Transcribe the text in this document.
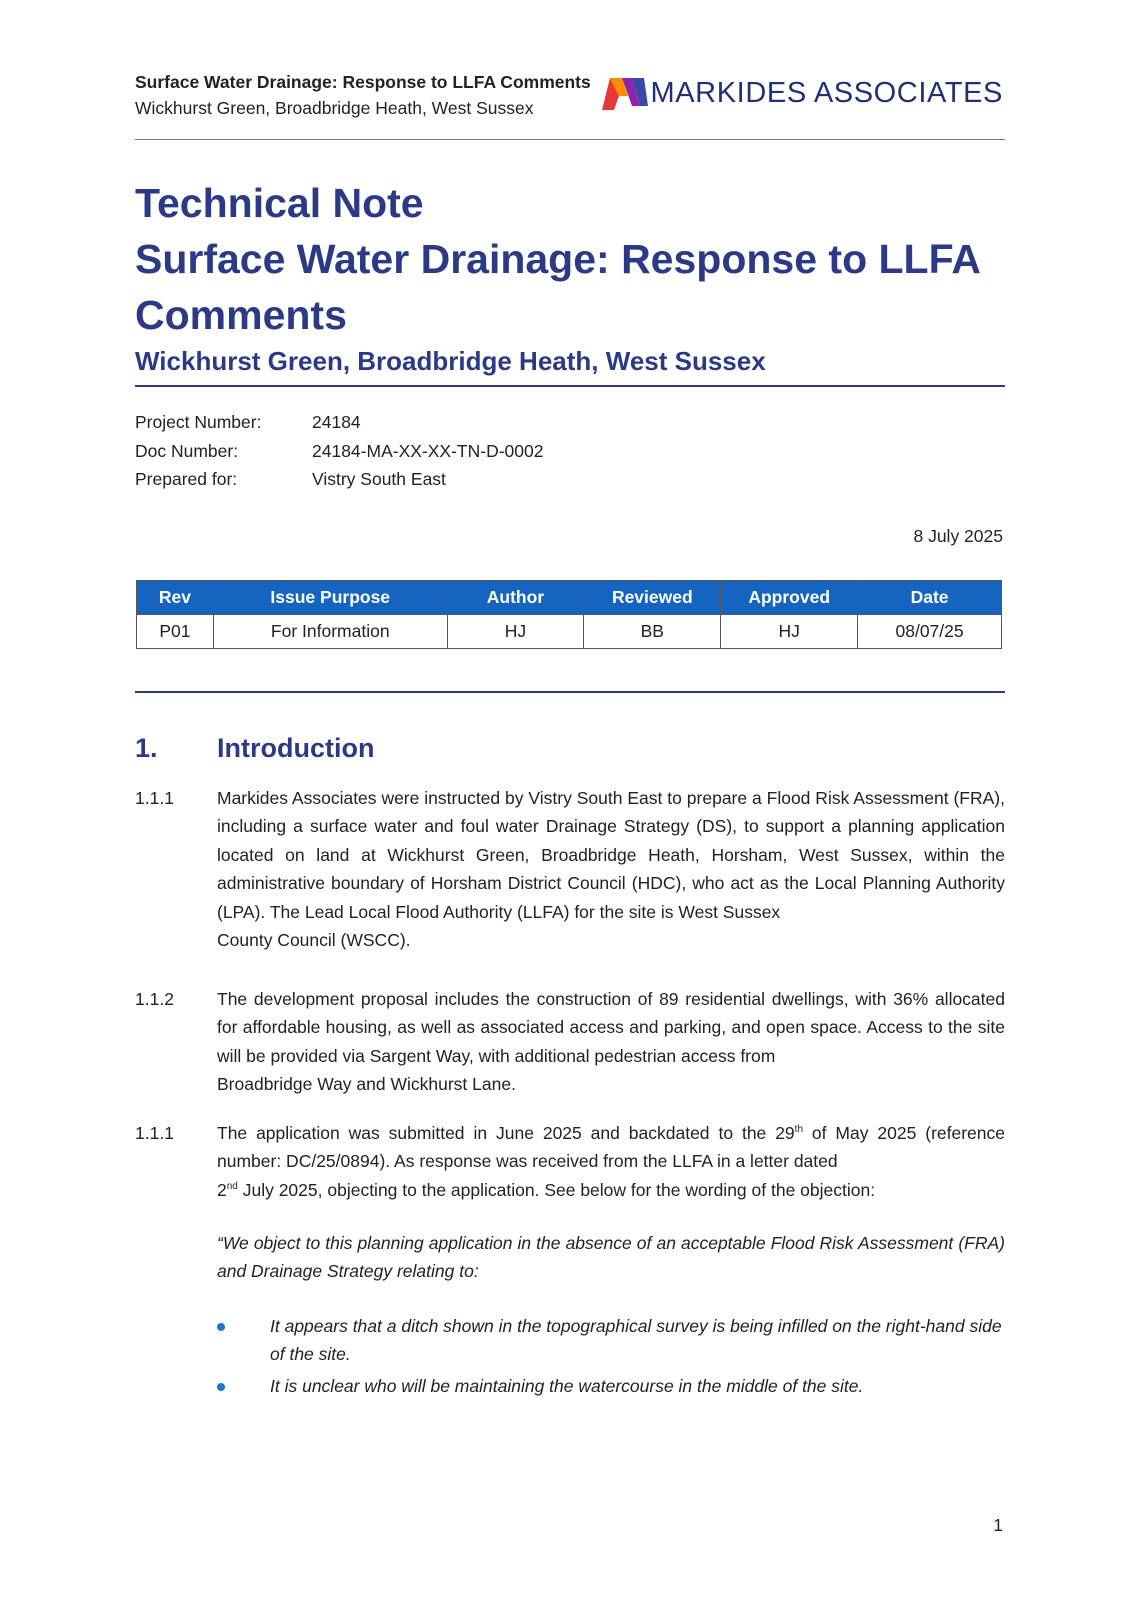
Surface Water Drainage: Response to LLFA Comments
Wickhurst Green, Broadbridge Heath, West Sussex	MARKIDES ASSOCIATES
Technical Note
Surface Water Drainage: Response to LLFA
Comments
Wickhurst Green, Broadbridge Heath, West Sussex
Project Number:	24184
Doc Number:	24184-MA-XX-XX-TN-D-0002
Prepared for:	Vistry South East
8 July 2025
Rev	Issue Purpose	Author	Reviewed	Approved	Date
P01	For Information	HJ	BB	HJ	08/07/25
1. Introduction
1.1.1 Markides Associates were instructed by Vistry South East to prepare a Flood Risk Assessment (FRA), including a surface water and foul water Drainage Strategy (DS), to support a planning application located on land at Wickhurst Green, Broadbridge Heath, Horsham, West Sussex, within the administrative boundary of Horsham District Council (HDC), who act as the Local Planning Authority (LPA). The Lead Local Flood Authority (LLFA) for the site is West Sussex
County Council (WSCC).
1.1.2 The development proposal includes the construction of 89 residential dwellings, with 36% allocated for affordable housing, as well as associated access and parking, and open space. Access to the site will be provided via Sargent Way, with additional pedestrian access from
Broadbridge Way and Wickhurst Lane.
1.1.1 The application was submitted in June 2025 and backdated to the 29th of May 2025 (reference number: DC/25/0894). As response was received from the LLFA in a letter dated
2nd July 2025, objecting to the application. See below for the wording of the objection:
“We object to this planning application in the absence of an acceptable Flood Risk Assessment (FRA) and Drainage Strategy relating to:
It appears that a ditch shown in the topographical survey is being infilled on the right-hand side of the site.
It is unclear who will be maintaining the watercourse in the middle of the site.
1
